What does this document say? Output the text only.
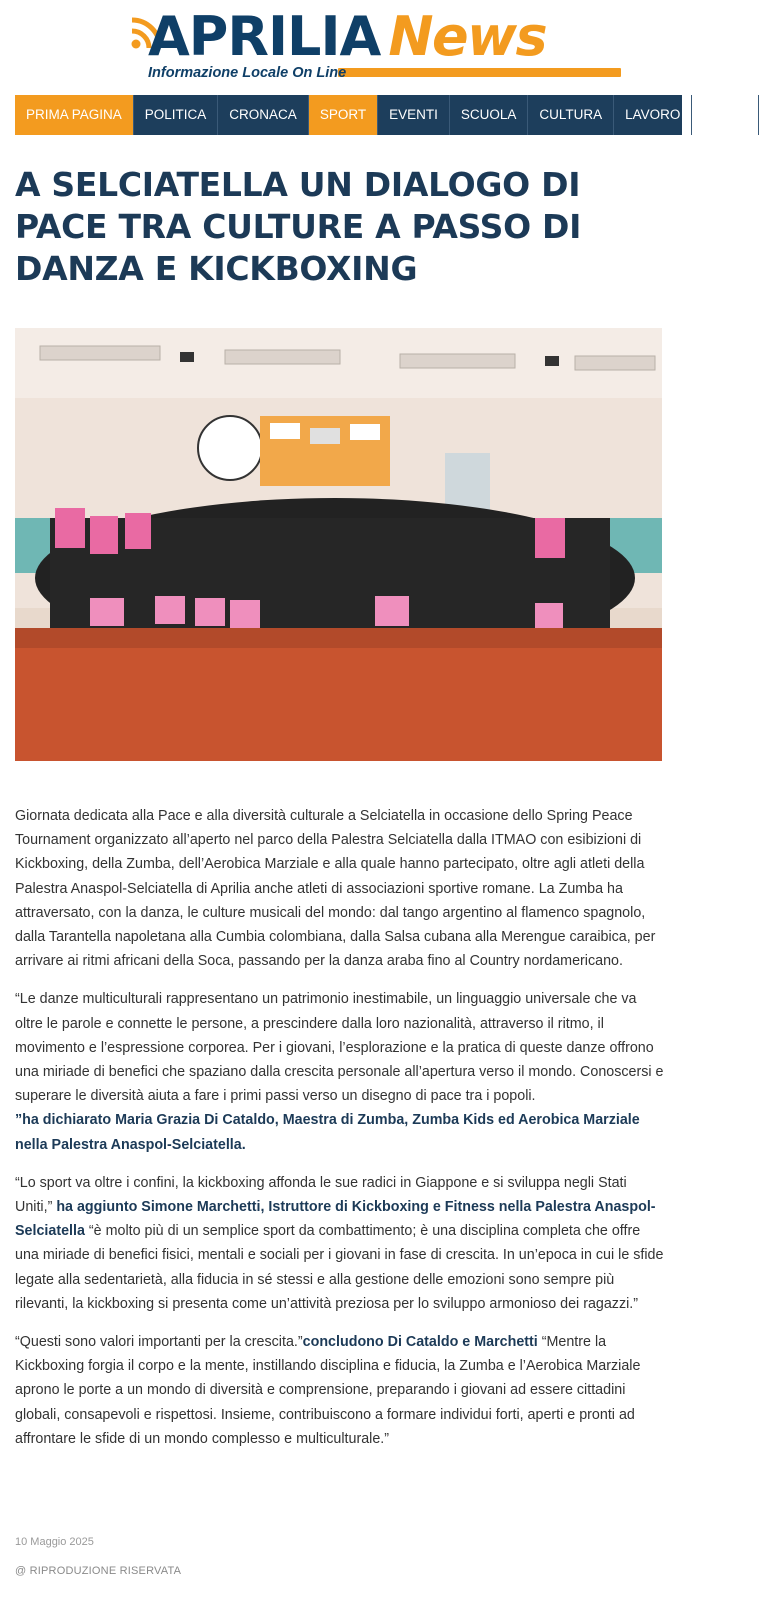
APRILIA News
Informazione Locale On Line
PRIMA PAGINA	POLITICA	CRONACA	SPORT	EVENTI	SCUOLA	CULTURA	LAVORO	ATTUA
A SELCIATELLA UN DIALOGO DI PACE TRA CULTURE A PASSO DI DANZA E KICKBOXING

Giornata dedicata alla Pace e alla diversità culturale a Selciatella in occasione dello Spring Peace Tournament organizzato all’aperto nel parco della Palestra Selciatella dalla ITMAO con esibizioni di Kickboxing, della Zumba, dell’Aerobica Marziale e alla quale hanno partecipato, oltre agli atleti della Palestra Anaspol-Selciatella di Aprilia anche atleti di associazioni sportive romane. La Zumba ha attraversato, con la danza, le culture musicali del mondo: dal tango argentino al flamenco spagnolo, dalla Tarantella napoletana alla Cumbia colombiana, dalla Salsa cubana alla Merengue caraibica, per arrivare ai ritmi africani della Soca, passando per la danza araba fino al Country nordamericano.

“Le danze multiculturali rappresentano un patrimonio inestimabile, un linguaggio universale che va oltre le parole e connette le persone, a prescindere dalla loro nazionalità, attraverso il ritmo, il movimento e l’espressione corporea. Per i giovani, l’esplorazione e la pratica di queste danze offrono una miriade di benefici che spaziano dalla crescita personale all’apertura verso il mondo. Conoscersi e superare le diversità aiuta a fare i primi passi verso un disegno di pace tra i popoli.
”ha dichiarato Maria Grazia Di Cataldo, Maestra di Zumba, Zumba Kids ed Aerobica Marziale nella Palestra Anaspol-Selciatella.

“Lo sport va oltre i confini, la kickboxing affonda le sue radici in Giappone e si sviluppa negli Stati Uniti,” ha aggiunto Simone Marchetti, Istruttore di Kickboxing e Fitness nella Palestra Anaspol-Selciatella “è molto più di un semplice sport da combattimento; è una disciplina completa che offre una miriade di benefici fisici, mentali e sociali per i giovani in fase di crescita. In un’epoca in cui le sfide legate alla sedentarietà, alla fiducia in sé stessi e alla gestione delle emozioni sono sempre più rilevanti, la kickboxing si presenta come un’attività preziosa per lo sviluppo armonioso dei ragazzi.”

“Questi sono valori importanti per la crescita.”concludono Di Cataldo e Marchetti “Mentre la Kickboxing forgia il corpo e la mente, instillando disciplina e fiducia, la Zumba e l’Aerobica Marziale aprono le porte a un mondo di diversità e comprensione, preparando i giovani ad essere cittadini globali, consapevoli e rispettosi. Insieme, contribuiscono a formare individui forti, aperti e pronti ad affrontare le sfide di un mondo complesso e multiculturale.”

10 Maggio 2025
@ RIPRODUZIONE RISERVATA
